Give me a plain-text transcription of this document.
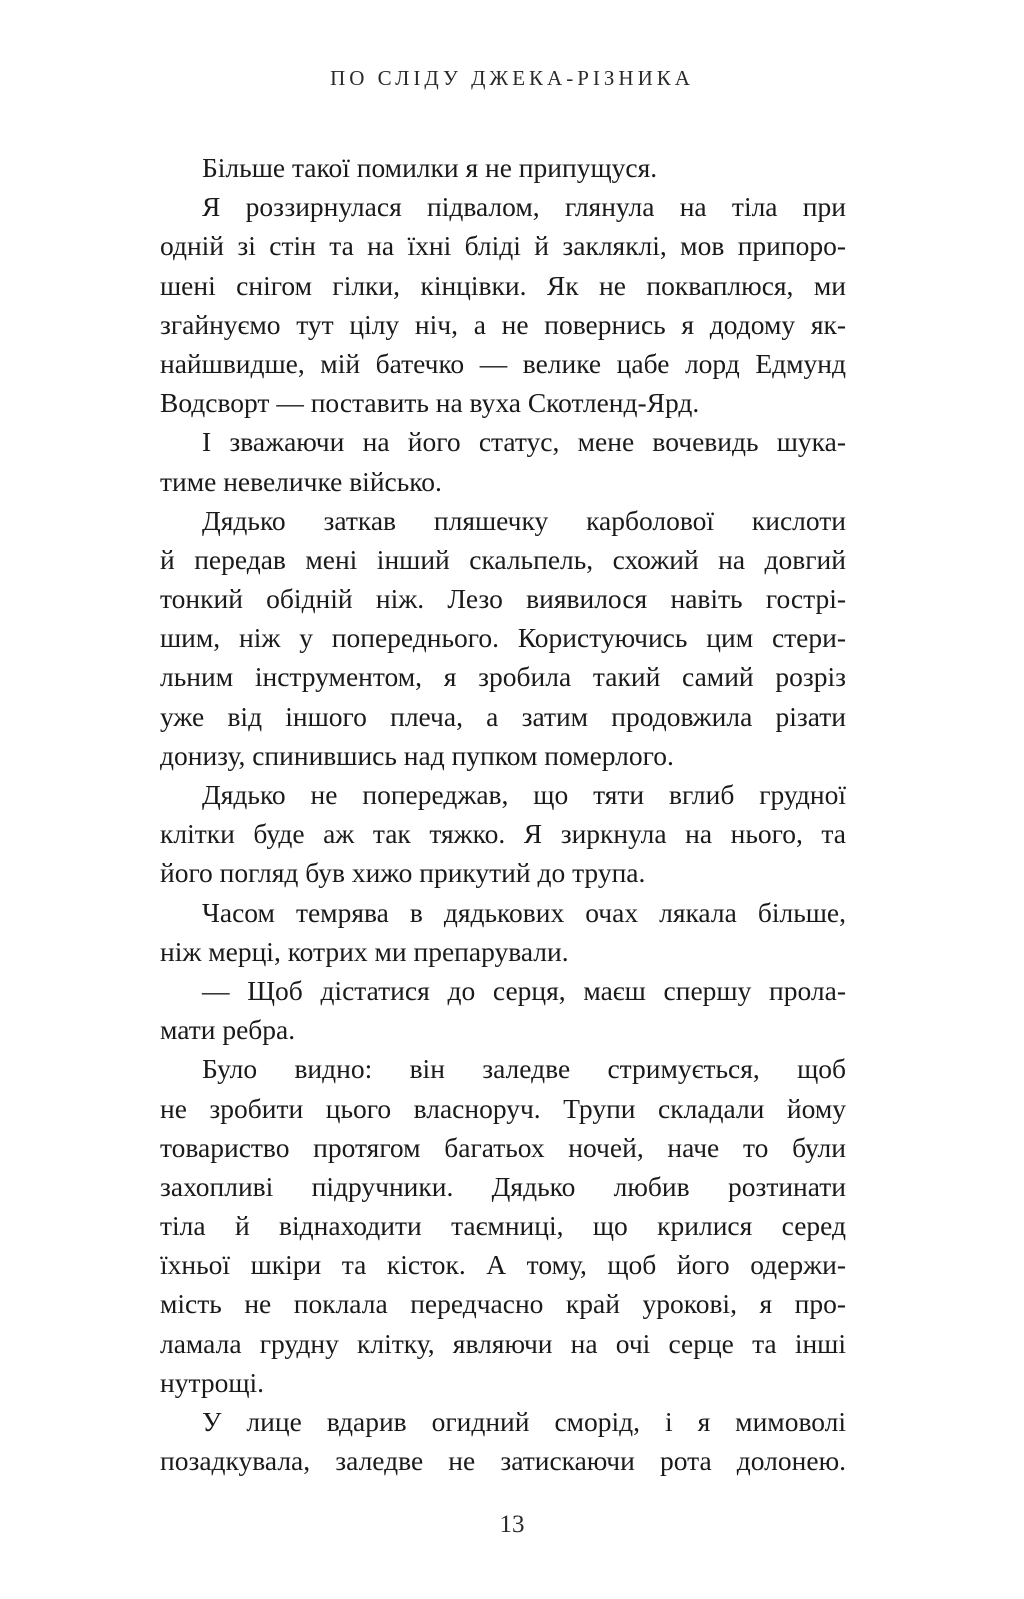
ПО СЛІДУ ДЖЕКА-РІЗНИКА
Більше такої помилки я не припущуся.
Я роззирнулася підвалом, глянула на тіла при
одній зі стін та на їхні бліді й закляклі, мов припоро-
шені снігом гілки, кінцівки. Як не покваплюся, ми
згайнуємо тут цілу ніч, а не повернись я додому як-
найшвидше, мій батечко — велике цабе лорд Едмунд
Водсворт — поставить на вуха Скотленд-Ярд.
І зважаючи на його статус, мене вочевидь шука-
тиме невеличке військо.
Дядько заткав пляшечку карболової кислоти
й передав мені інший скальпель, схожий на довгий
тонкий обідній ніж. Лезо виявилося навіть гострі-
шим, ніж у попереднього. Користуючись цим стери-
льним інструментом, я зробила такий самий розріз
уже від іншого плеча, а затим продовжила різати
донизу, спинившись над пупком померлого.
Дядько не попереджав, що тяти вглиб грудної
клітки буде аж так тяжко. Я зиркнула на нього, та
його погляд був хижо прикутий до трупа.
Часом темрява в дядькових очах лякала більше,
ніж мерці, котрих ми препарували.
— Щоб дістатися до серця, маєш спершу прола-
мати ребра.
Було видно: він заледве стримується, щоб
не зробити цього власноруч. Трупи складали йому
товариство протягом багатьох ночей, наче то були
захопливі підручники. Дядько любив розтинати
тіла й віднаходити таємниці, що крилися серед
їхньої шкіри та кісток. А тому, щоб його одержи-
мість не поклала передчасно край урокові, я про-
ламала грудну клітку, являючи на очі серце та інші
нутрощі.
У лице вдарив огидний сморід, і я мимоволі
позадкувала, заледве не затискаючи рота долонею.
13
